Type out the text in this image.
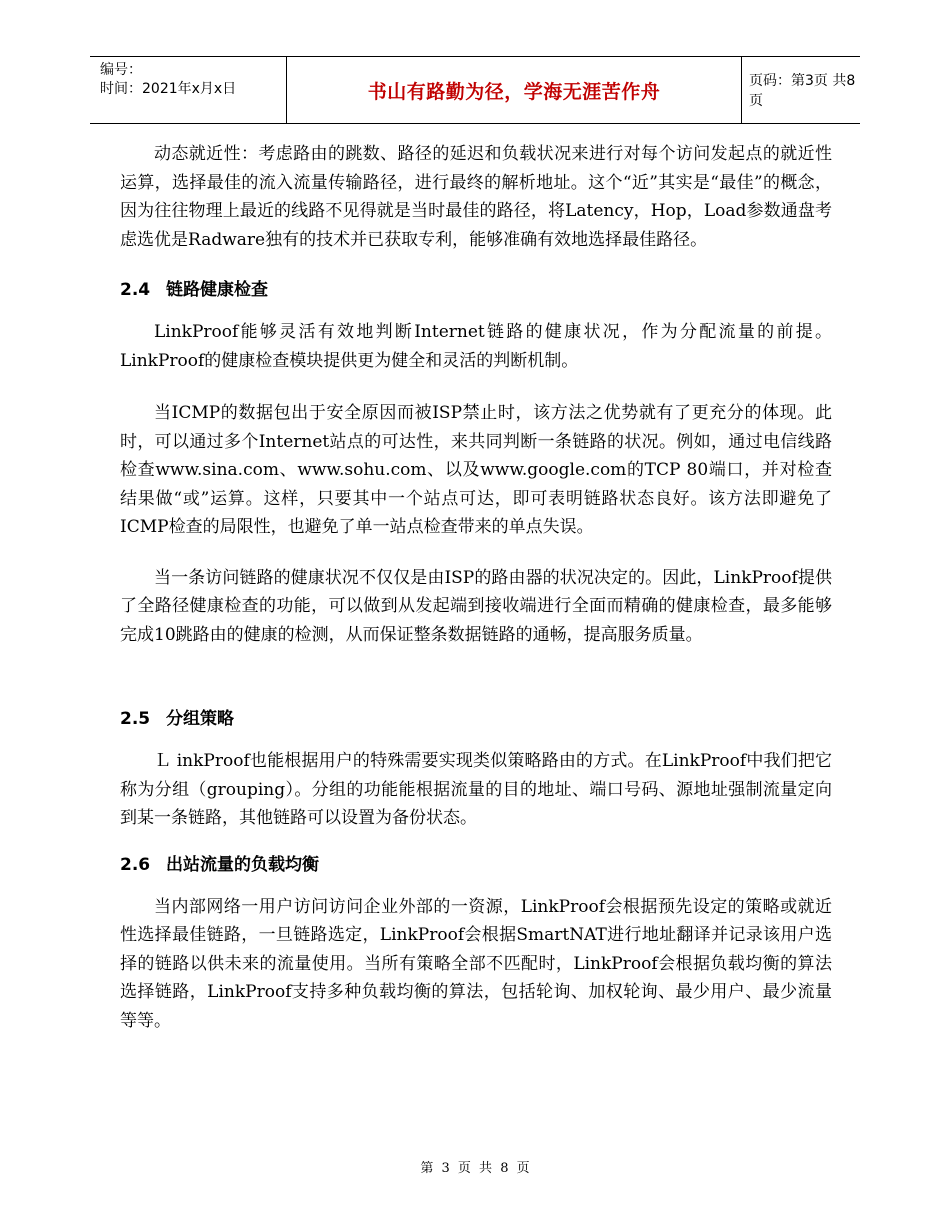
编号：
时间：2021年x月x日	书山有路勤为径，学海无涯苦作舟	页码：第3页 共8页

动态就近性：考虑路由的跳数、路径的延迟和负载状况来进行对每个访问发起点的就近性运算，选择最佳的流入流量传输路径，进行最终的解析地址。这个“近”其实是“最佳”的概念，因为往往物理上最近的线路不见得就是当时最佳的路径，将Latency，Hop，Load参数通盘考虑选优是Radware独有的技术并已获取专利，能够准确有效地选择最佳路径。

2.4 链路健康检查

LinkProof能够灵活有效地判断Internet链路的健康状况，作为分配流量的前提。LinkProof的健康检查模块提供更为健全和灵活的判断机制。

当ICMP的数据包出于安全原因而被ISP禁止时，该方法之优势就有了更充分的体现。此时，可以通过多个Internet站点的可达性，来共同判断一条链路的状况。例如，通过电信线路检查www.sina.com、www.sohu.com、以及www.google.com的TCP 80端口，并对检查结果做“或”运算。这样，只要其中一个站点可达，即可表明链路状态良好。该方法即避免了ICMP检查的局限性，也避免了单一站点检查带来的单点失误。

当一条访问链路的健康状况不仅仅是由ISP的路由器的状况决定的。因此，LinkProof提供了全路径健康检查的功能，可以做到从发起端到接收端进行全面而精确的健康检查，最多能够完成10跳路由的健康的检测，从而保证整条数据链路的通畅，提高服务质量。

2.5 分组策略

Ｌ inkProof也能根据用户的特殊需要实现类似策略路由的方式。在LinkProof中我们把它称为分组（grouping）。分组的功能能根据流量的目的地址、端口号码、源地址强制流量定向到某一条链路，其他链路可以设置为备份状态。

2.6 出站流量的负载均衡

当内部网络一用户访问访问企业外部的一资源，LinkProof会根据预先设定的策略或就近性选择最佳链路，一旦链路选定，LinkProof会根据SmartNAT进行地址翻译并记录该用户选择的链路以供未来的流量使用。当所有策略全部不匹配时，LinkProof会根据负载均衡的算法选择链路，LinkProof支持多种负载均衡的算法，包括轮询、加权轮询、最少用户、最少流量等等。

第 3 页 共 8 页
